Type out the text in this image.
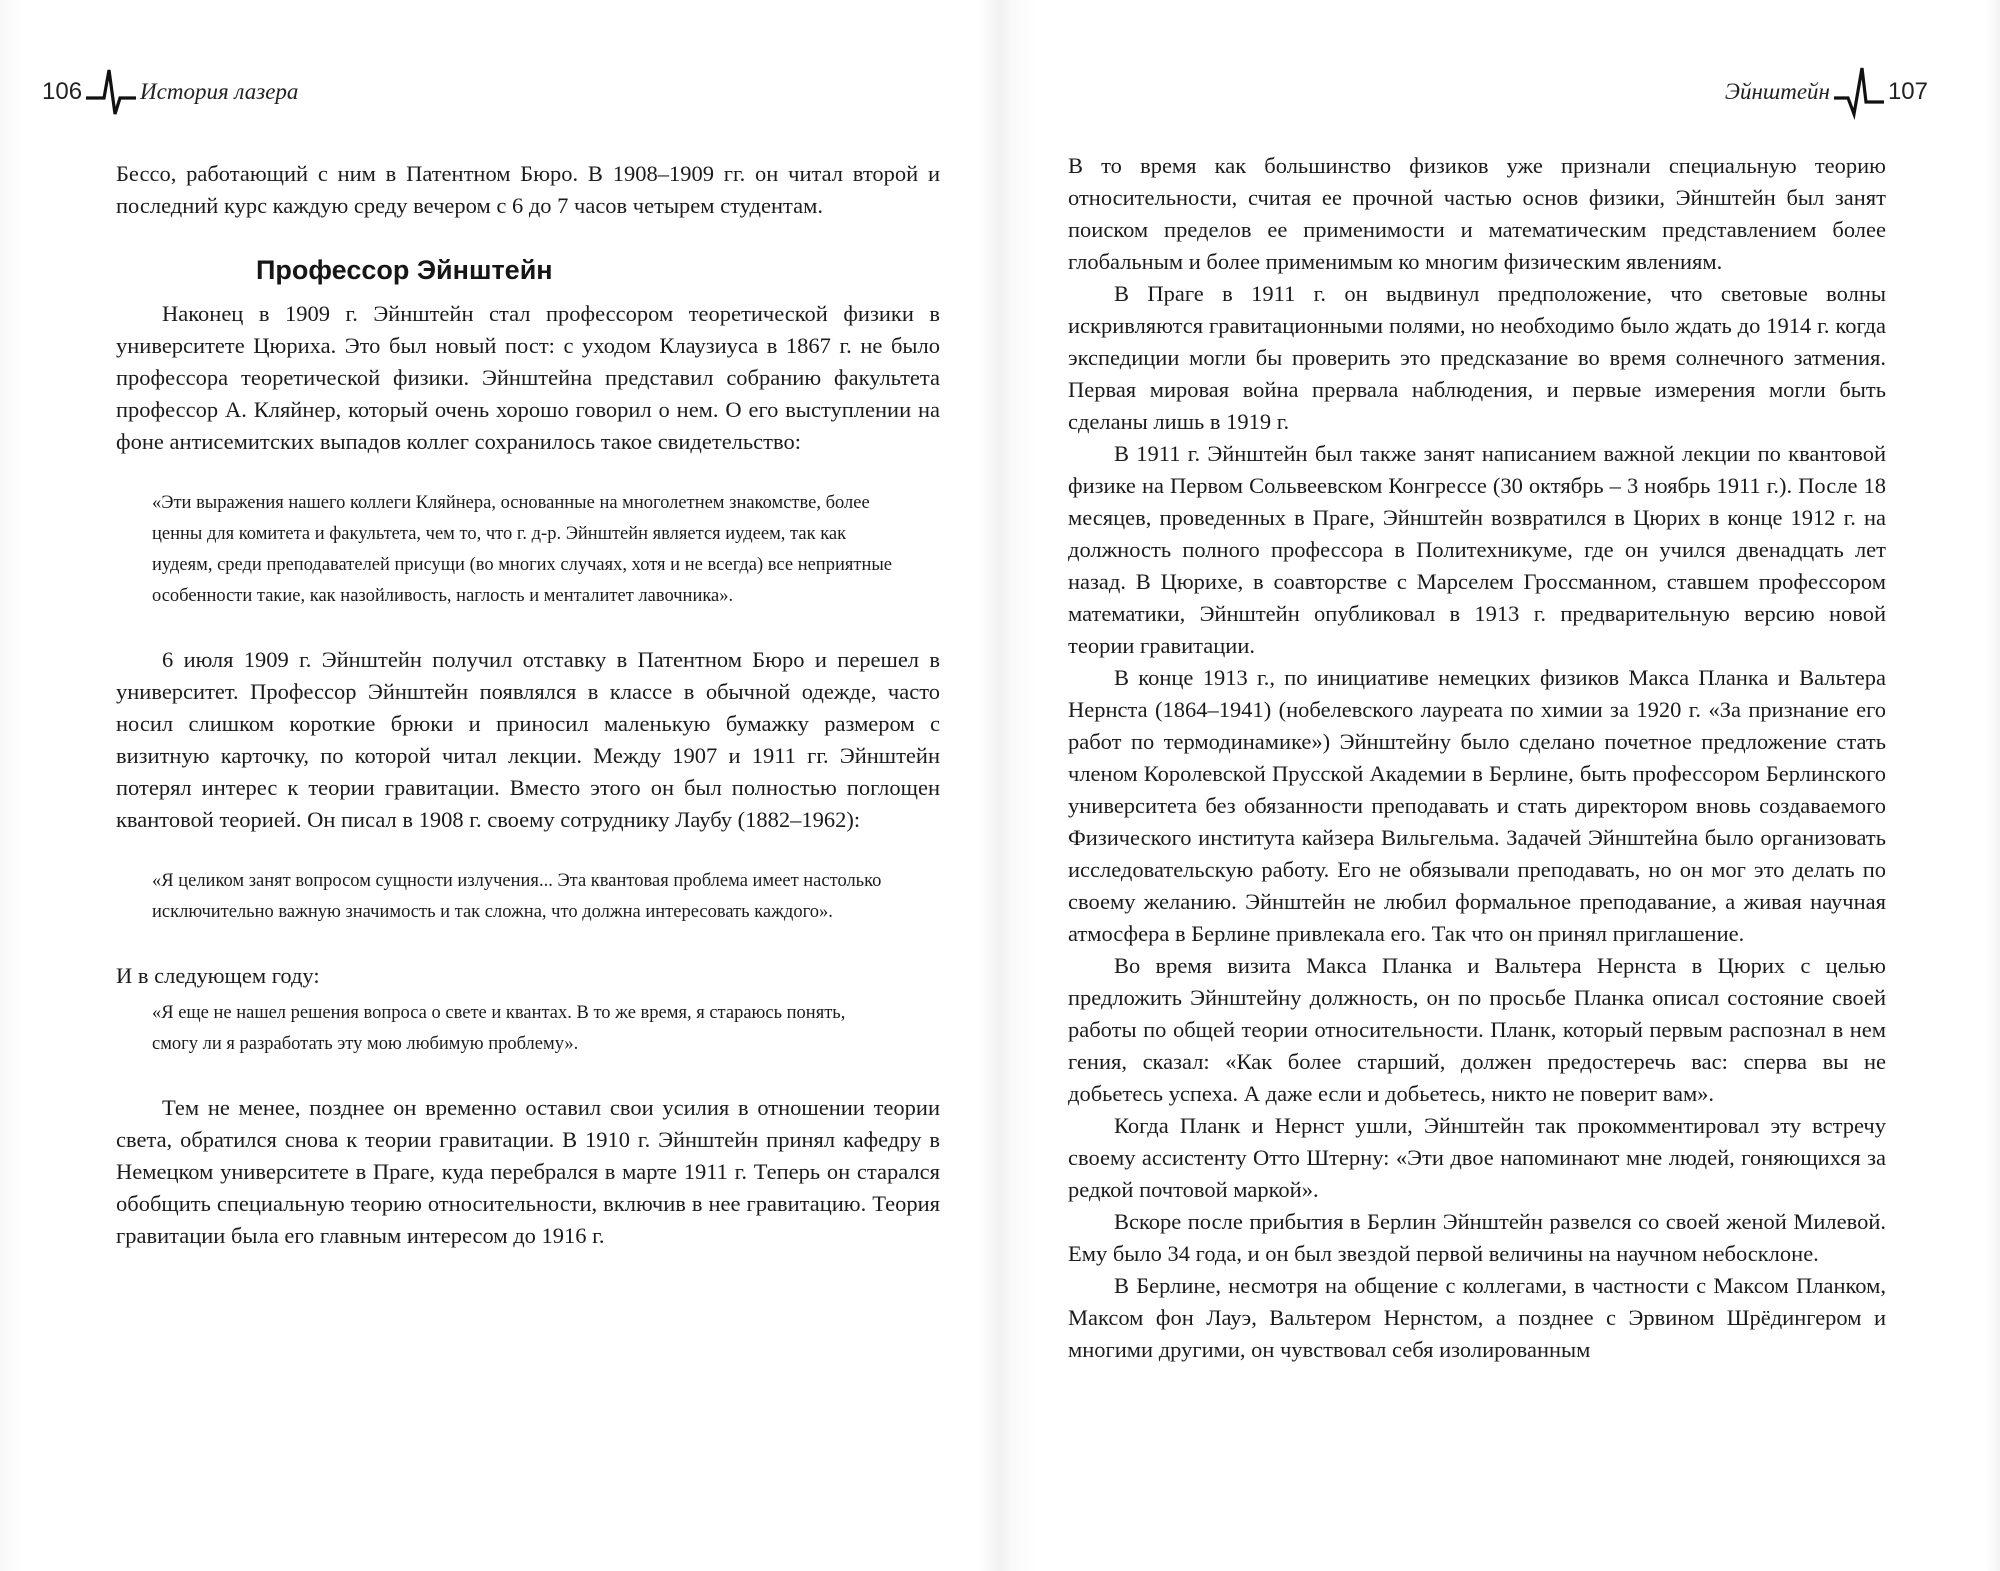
106	История лазера

Бессо, работающий с ним в Патентном Бюро. В 1908–1909 гг. он читал второй и последний курс каждую среду вечером с 6 до 7 часов четырем студентам.

Профессор Эйнштейн

Наконец в 1909 г. Эйнштейн стал профессором теоретической физики в университете Цюриха. Это был новый пост: с уходом Клаузиуса в 1867 г. не было профессора теоретической физики. Эйнштейна представил собранию факультета профессор А. Кляйнер, который очень хорошо говорил о нем. О его выступлении на фоне антисемитских выпадов коллег сохранилось такое свидетельство:

«Эти выражения нашего коллеги Кляйнера, основанные на многолетнем знакомстве, более ценны для комитета и факультета, чем то, что г. д-р. Эйнштейн является иудеем, так как иудеям, среди преподавателей присущи (во многих случаях, хотя и не всегда) все неприятные особенности такие, как назойливость, наглость и менталитет лавочника».

6 июля 1909 г. Эйнштейн получил отставку в Патентном Бюро и перешел в университет. Профессор Эйнштейн появлялся в классе в обычной одежде, часто носил слишком короткие брюки и приносил маленькую бумажку размером с визитную карточку, по которой читал лекции. Между 1907 и 1911 гг. Эйнштейн потерял интерес к теории гравитации. Вместо этого он был полностью поглощен квантовой теорией. Он писал в 1908 г. своему сотруднику Лаубу (1882–1962):

«Я целиком занят вопросом сущности излучения... Эта квантовая проблема имеет настолько исключительно важную значимость и так сложна, что должна интересовать каждого».

И в следующем году:

«Я еще не нашел решения вопроса о свете и квантах. В то же время, я стараюсь понять, смогу ли я разработать эту мою любимую проблему».

Тем не менее, позднее он временно оставил свои усилия в отношении теории света, обратился снова к теории гравитации. В 1910 г. Эйнштейн принял кафедру в Немецком университете в Праге, куда перебрался в марте 1911 г. Теперь он старался обобщить специальную теорию относительности, включив в нее гравитацию. Теория гравитации была его главным интересом до 1916 г.

Эйнштейн 107

В то время как большинство физиков уже признали специальную теорию относительности, считая ее прочной частью основ физики, Эйнштейн был занят поиском пределов ее применимости и математическим представлением более глобальным и более применимым ко многим физическим явлениям.

В Праге в 1911 г. он выдвинул предположение, что световые волны искривляются гравитационными полями, но необходимо было ждать до 1914 г. когда экспедиции могли бы проверить это предсказание во время солнечного затмения. Первая мировая война прервала наблюдения, и первые измерения могли быть сделаны лишь в 1919 г.

В 1911 г. Эйнштейн был также занят написанием важной лекции по квантовой физике на Первом Сольвеевском Конгрессе (30 октябрь – 3 ноябрь 1911 г.). После 18 месяцев, проведенных в Праге, Эйнштейн возвратился в Цюрих в конце 1912 г. на должность полного профессора в Политехникуме, где он учился двенадцать лет назад. В Цюрихе, в соавторстве с Марселем Гроссманном, ставшем профессором математики, Эйнштейн опубликовал в 1913 г. предварительную версию новой теории гравитации.

В конце 1913 г., по инициативе немецких физиков Макса Планка и Вальтера Нернста (1864–1941) (нобелевского лауреата по химии за 1920 г. «За признание его работ по термодинамике») Эйнштейну было сделано почетное предложение стать членом Королевской Прусской Академии в Берлине, быть профессором Берлинского университета без обязанности преподавать и стать директором вновь создаваемого Физического института кайзера Вильгельма. Задачей Эйнштейна было организовать исследовательскую работу. Его не обязывали преподавать, но он мог это делать по своему желанию. Эйнштейн не любил формальное преподавание, а живая научная атмосфера в Берлине привлекала его. Так что он принял приглашение.

Во время визита Макса Планка и Вальтера Нернста в Цюрих с целью предложить Эйнштейну должность, он по просьбе Планка описал состояние своей работы по общей теории относительности. Планк, который первым распознал в нем гения, сказал: «Как более старший, должен предостеречь вас: сперва вы не добьетесь успеха. А даже если и добьетесь, никто не поверит вам».

Когда Планк и Нернст ушли, Эйнштейн так прокомментировал эту встречу своему ассистенту Отто Штерну: «Эти двое напоминают мне людей, гоняющихся за редкой почтовой маркой».

Вскоре после прибытия в Берлин Эйнштейн развелся со своей женой Милевой. Ему было 34 года, и он был звездой первой величины на научном небосклоне.

В Берлине, несмотря на общение с коллегами, в частности с Максом Планком, Максом фон Лауэ, Вальтером Нернстом, а позднее с Эрвином Шрёдингером и многими другими, он чувствовал себя изолированным
